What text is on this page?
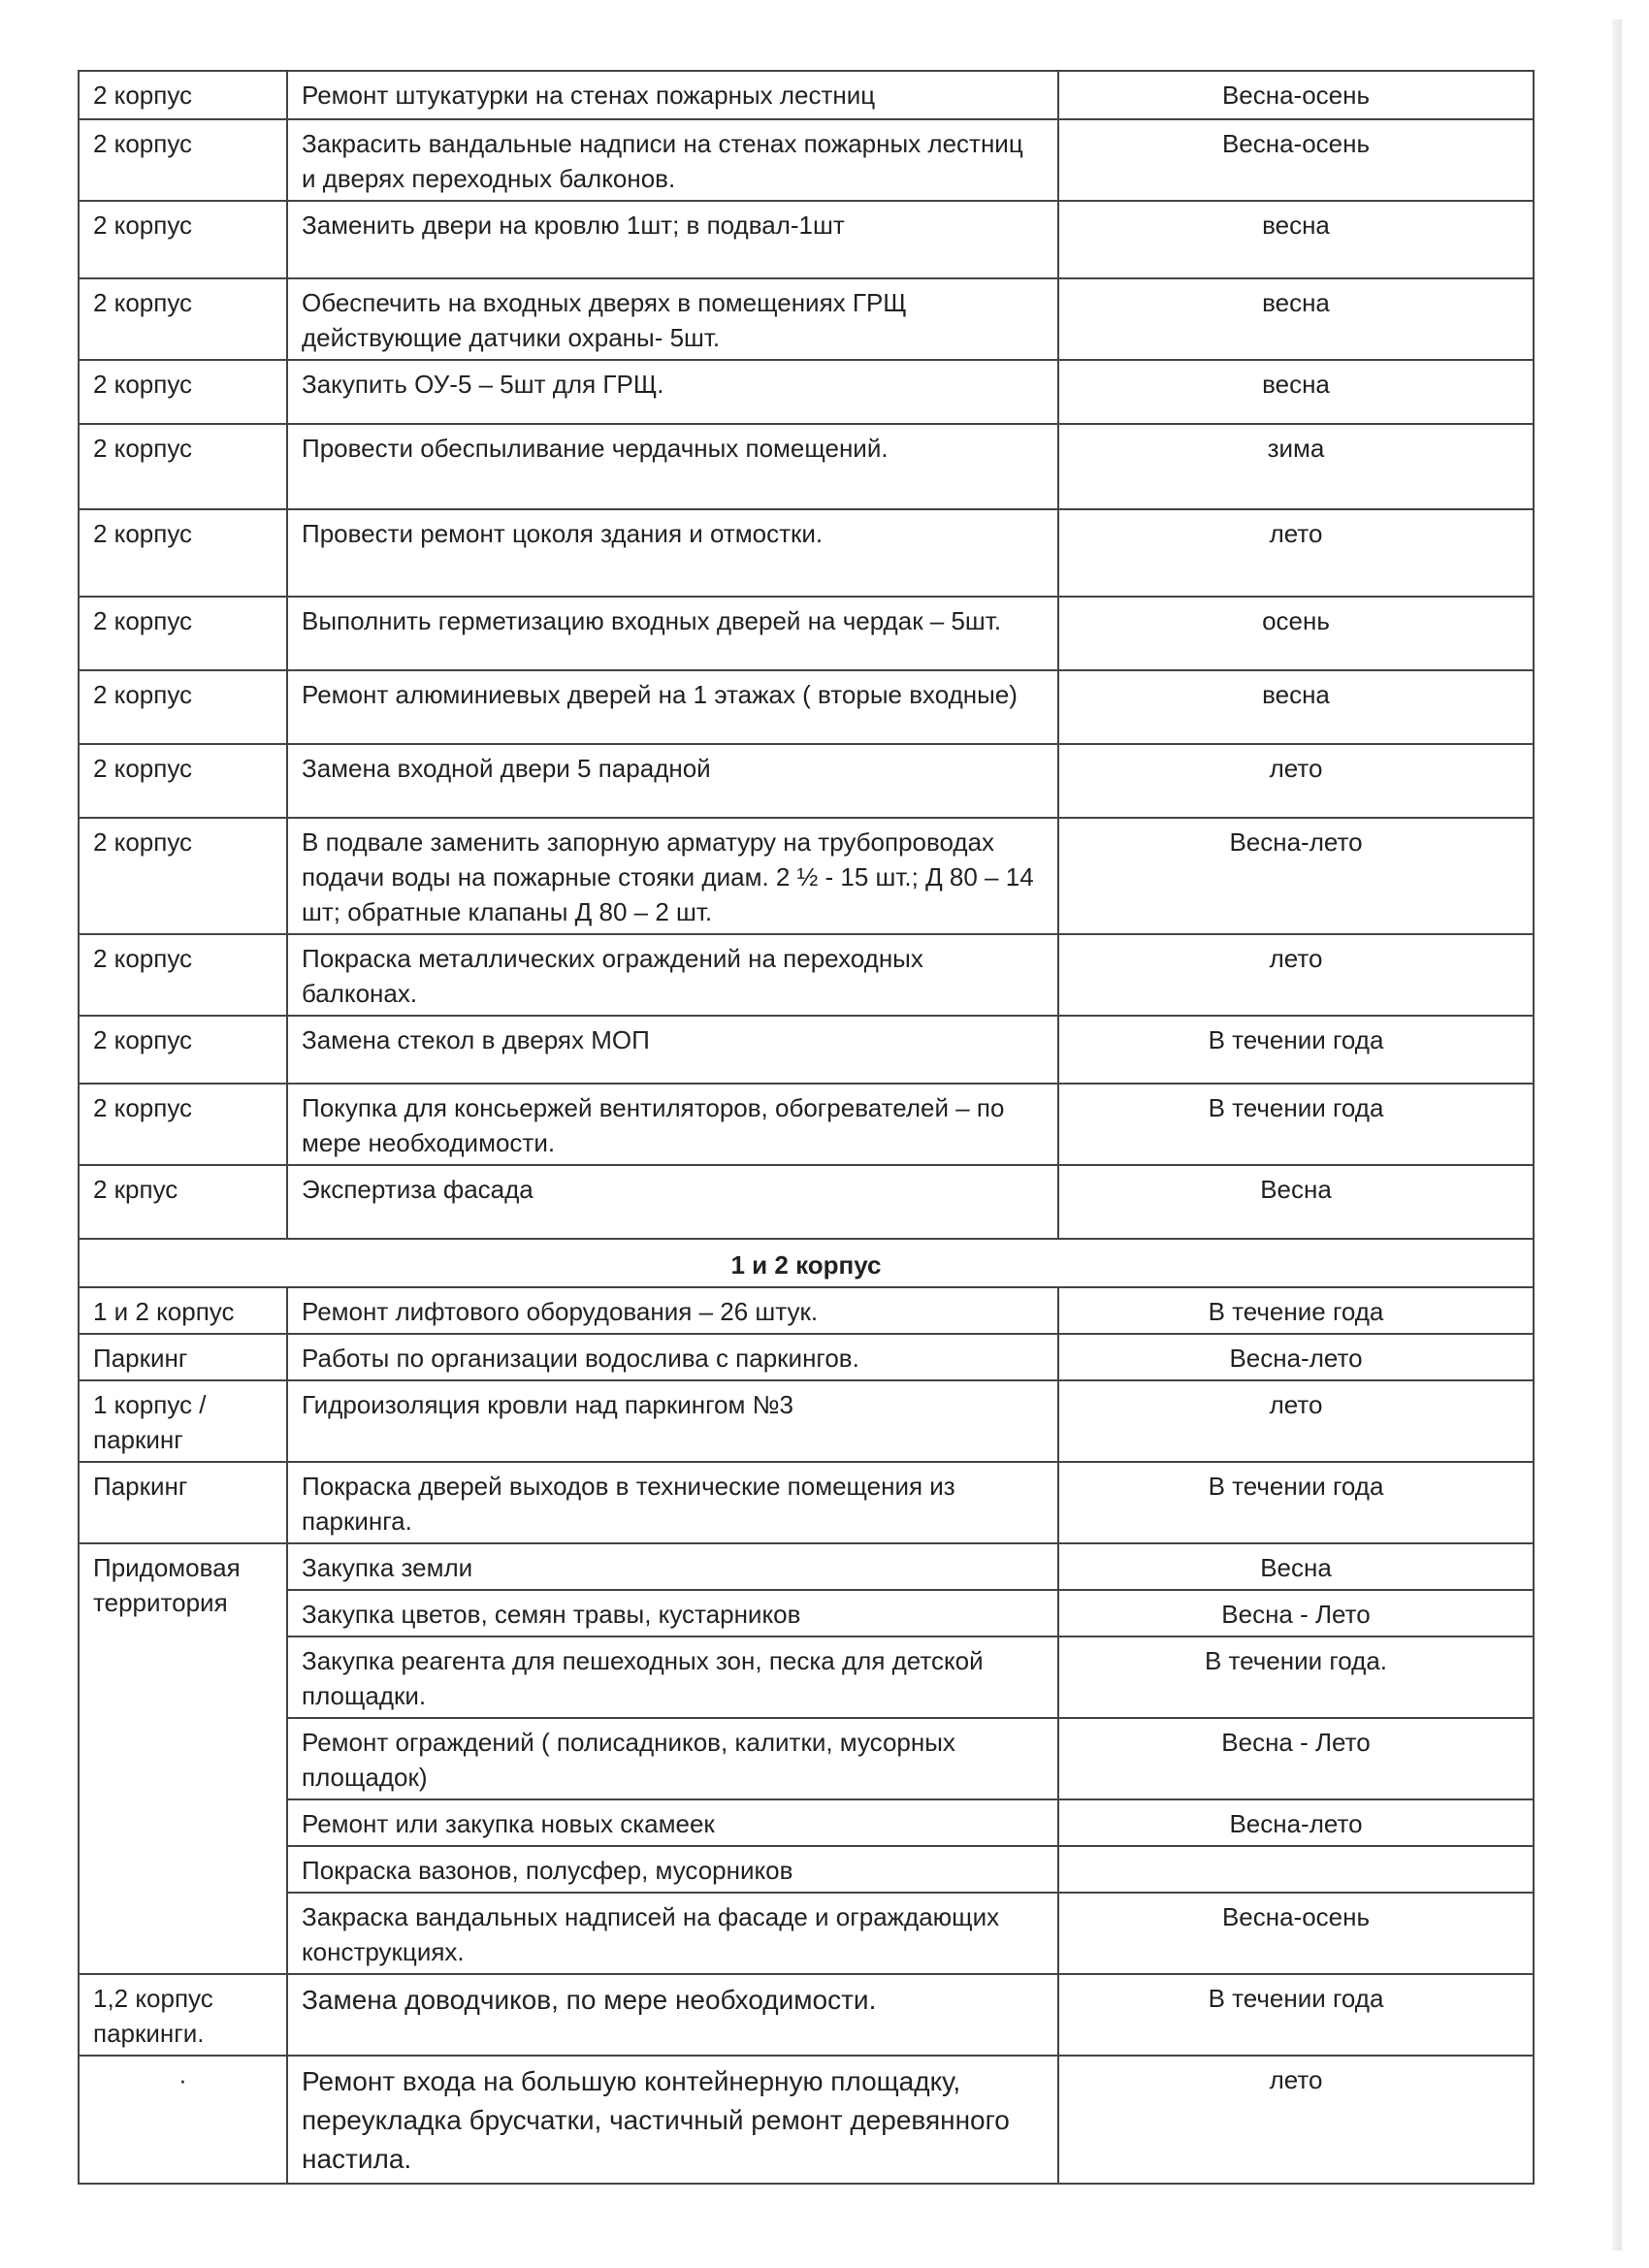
2 корпус	Ремонт штукатурки на стенах пожарных лестниц	Весна-осень
2 корпус	Закрасить вандальные надписи на стенах пожарных лестниц и дверях переходных балконов.	Весна-осень
2 корпус	Заменить двери на кровлю 1шт; в подвал-1шт	весна
2 корпус	Обеспечить на входных дверях в помещениях ГРЩ действующие датчики охраны- 5шт.	весна
2 корпус	Закупить ОУ-5 – 5шт для ГРЩ.	весна
2 корпус	Провести обеспыливание чердачных помещений.	зима
2 корпус	Провести ремонт цоколя здания и отмостки.	лето
2 корпус	Выполнить герметизацию входных дверей на чердак – 5шт.	осень
2 корпус	Ремонт алюминиевых дверей на 1 этажах ( вторые входные)	весна
2 корпус	Замена входной двери 5 парадной	лето
2 корпус	В подвале заменить запорную арматуру на трубопроводах подачи воды на пожарные стояки диам. 2 ½ - 15 шт.; Д 80 – 14 шт; обратные клапаны Д 80 – 2 шт.	Весна-лето
2 корпус	Покраска металлических ограждений на переходных балконах.	лето
2 корпус	Замена стекол в дверях МОП	В течении года
2 корпус	Покупка для консьержей вентиляторов, обогревателей – по мере необходимости.	В течении года
2 крпус	Экспертиза фасада	Весна
1 и 2 корпус		
1 и 2 корпус	Ремонт лифтового оборудования – 26 штук.	В течение года
Паркинг	Работы по организации водослива с паркингов.	Весна-лето
1 корпус /паркинг	Гидроизоляция кровли над паркингом №3	лето
Паркинг	Покраска дверей выходов в технические помещения из паркинга.	В течении года
Придомовая территория	Закупка земли	Весна
	Закупка цветов, семян травы, кустарников	Весна - Лето
	Закупка реагента для пешеходных зон, песка для детской площадки.	В течении года.
	Ремонт ограждений ( полисадников, калитки, мусорных площадок)	Весна - Лето
	Ремонт или закупка новых скамеек	Весна-лето
	Покраска вазонов, полусфер, мусорников	
	Закраска вандальных надписей на фасаде и ограждающих конструкциях.	Весна-осень
1,2 корпус паркинги.	Замена доводчиков, по мере необходимости.	В течении года
·	Ремонт входа на большую контейнерную площадку, переукладка брусчатки, частичный ремонт деревянного настила.	лето
